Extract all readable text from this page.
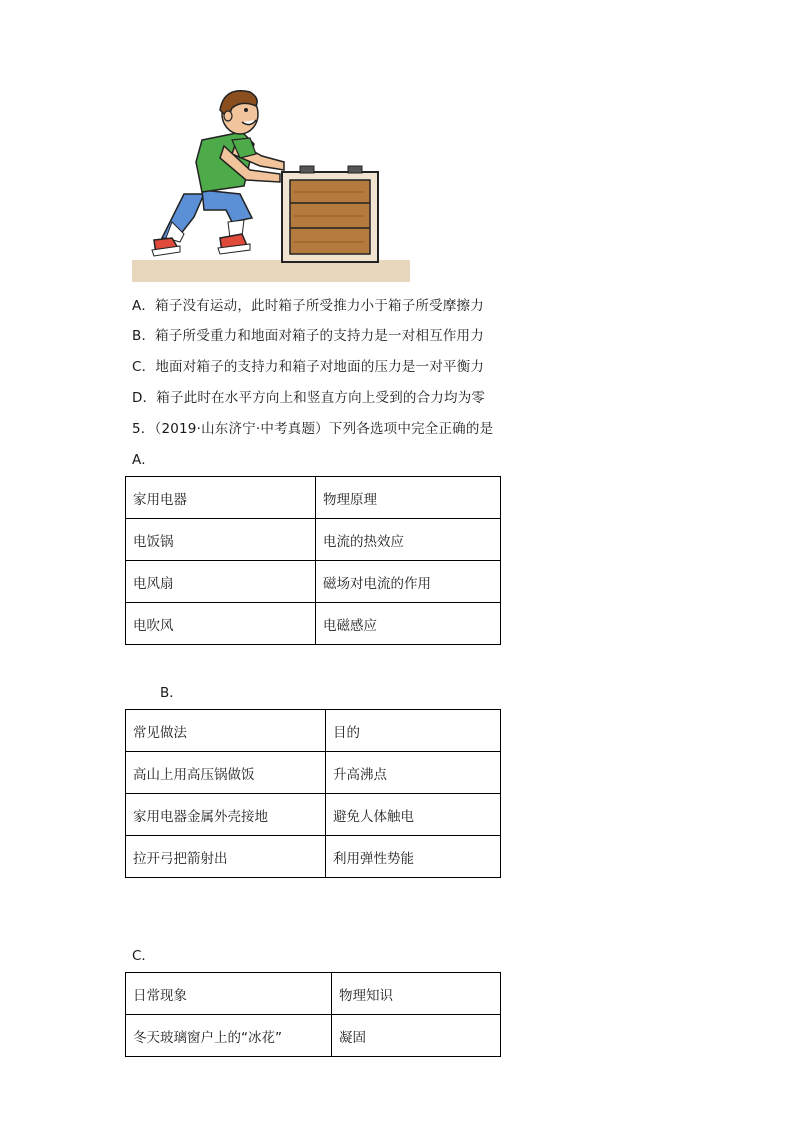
A．箱子没有运动，此时箱子所受推力小于箱子所受摩擦力
B．箱子所受重力和地面对箱子的支持力是一对相互作用力
C．地面对箱子的支持力和箱子对地面的压力是一对平衡力
D．箱子此时在水平方向上和竖直方向上受到的合力均为零
5．（2019·山东济宁·中考真题）下列各选项中完全正确的是
A．
家用电器	物理原理
电饭锅	电流的热效应
电风扇	磁场对电流的作用
电吹风	电磁感应
B．
常见做法	目的
高山上用高压锅做饭	升高沸点
家用电器金属外壳接地	避免人体触电
拉开弓把箭射出	利用弹性势能
C．
日常现象	物理知识
冬天玻璃窗户上的“冰花”	凝固
